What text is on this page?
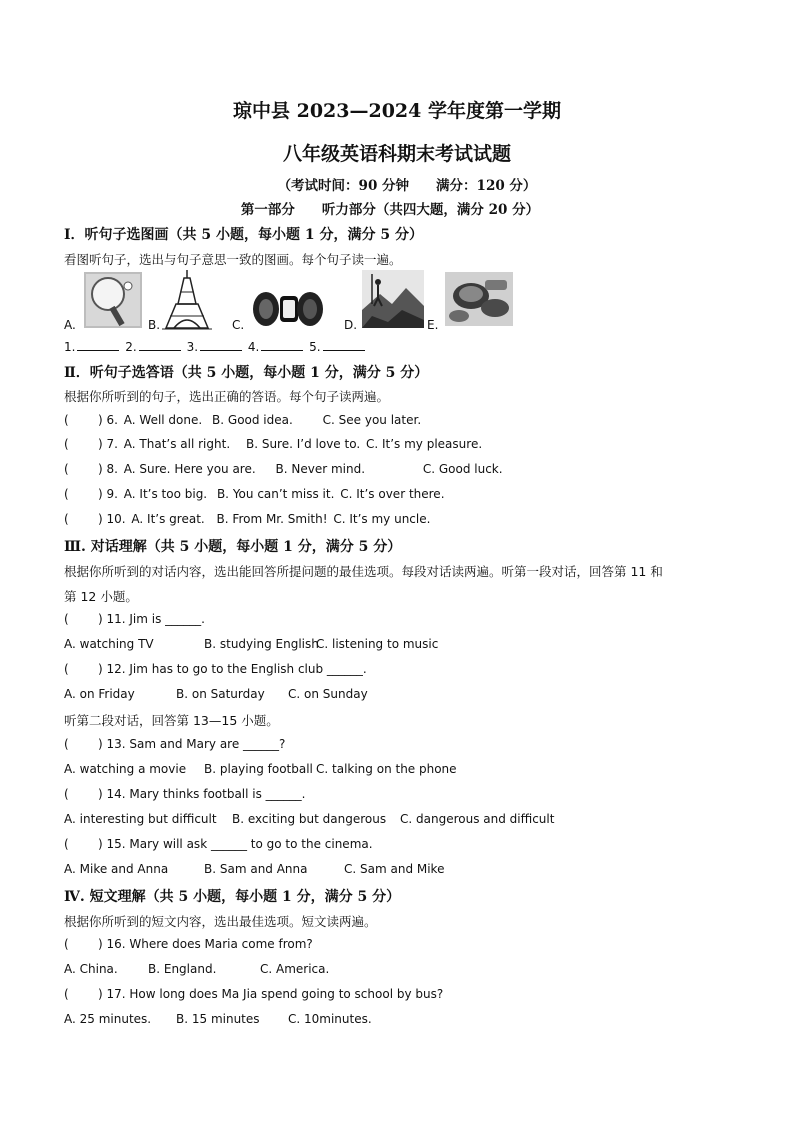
琼中县 2023—2024 学年度第一学期
八年级英语科期末考试试题
（考试时间：90 分钟　　满分：120 分）
第一部分　　听力部分（共四大题，满分 20 分）
Ⅰ．听句子选图画（共 5 小题，每小题 1 分，满分 5 分）
看图听句子，选出与句子意思一致的图画。每个句子读一遍。
A.	B.	C.	D.	E.
1.	2.	3.	4.	5.
Ⅱ．听句子选答语（共 5 小题，每小题 1 分，满分 5 分）
根据你所听到的句子，选出正确的答语。每个句子读两遍。
( ) 6. A. Well done. B. Good idea. C. See you later.
( ) 7. A. That’s all right. B. Sure. I’d love to. C. It’s my pleasure.
( ) 8. A. Sure. Here you are. B. Never mind.	C. Good luck.
( ) 9. A. It’s too big. B. You can’t miss it. C. It’s over there.
( ) 10. A. It’s great. B. From Mr. Smith! C. It’s my uncle.
Ⅲ. 对话理解（共 5 小题，每小题 1 分，满分 5 分）
根据你所听到的对话内容，选出能回答所提问题的最佳选项。每段对话读两遍。听第一段对话，回答第 11 和
第 12 小题。
( ) 11. Jim is ______.
A. watching TV	B. studying EnglishC. listening to music
( ) 12. Jim has to go to the English club ______.
A. on Friday	B. on Saturday C. on Sunday
听第二段对话，回答第 13—15 小题。
( ) 13. Sam and Mary are ______?
A. watching a movie B. playing football C. talking on the phone
( ) 14. Mary thinks football is ______.
A. interesting but difficult B. exciting but dangerous C. dangerous and difficult
( ) 15. Mary will ask ______ to go to the cinema.
A. Mike and Anna	B. Sam and Anna	C. Sam and Mike
Ⅳ. 短文理解（共 5 小题，每小题 1 分，满分 5 分）
根据你所听到的短文内容，选出最佳选项。短文读两遍。
( ) 16. Where does Maria come from?
A. China.	B. England.	C. America.
( ) 17. How long does Ma Jia spend going to school by bus?
A. 25 minutes. B. 15 minutes C. 10minutes.
